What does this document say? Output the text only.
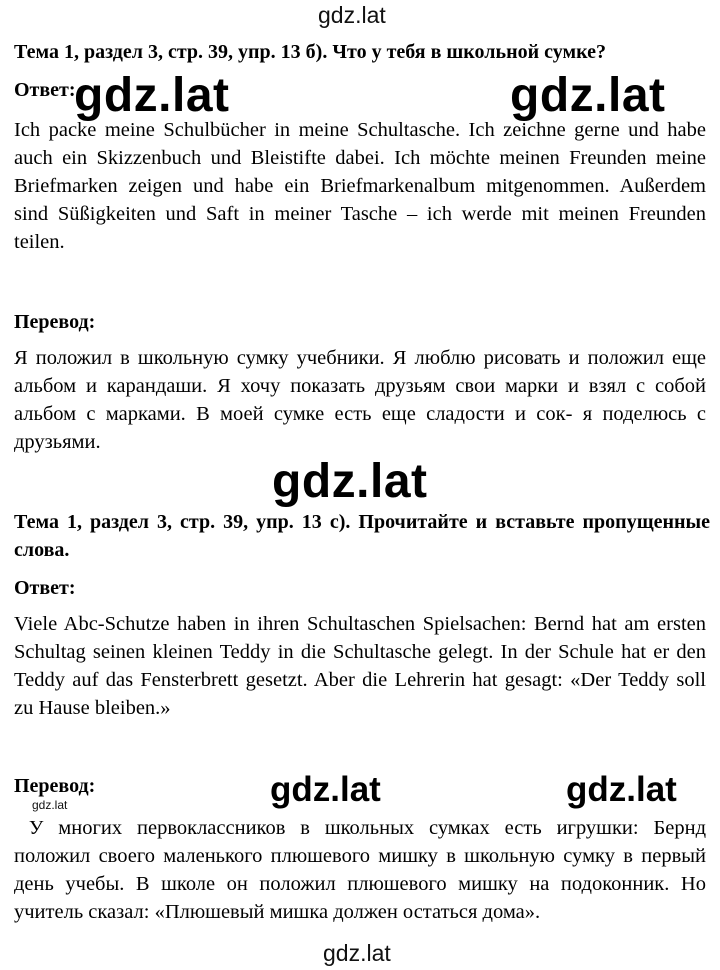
gdz.lat
Тема 1, раздел 3, стр. 39, упр. 13 б). Что у тебя в школьной сумке?
Ответ:
Ich packe meine Schulbücher in meine Schultasche. Ich zeichne gerne und habe
auch ein Skizzenbuch und Bleistifte dabei. Ich möchte meinen Freunden meine
Briefmarken zeigen und habe ein Briefmarkenalbum mitgenommen. Außerdem
sind Süßigkeiten und Saft in meiner Tasche – ich werde mit meinen Freunden
teilen.
gdz.lat	gdz.lat
Перевод:
Я положил в школьную сумку учебники. Я люблю рисовать и положил еще
альбом и карандаши. Я хочу показать друзьям свои марки и взял с собой
альбом с марками. В моей сумке есть еще сладости и сок- я поделюсь с
друзьями.
gdz.lat
Тема 1, раздел 3, стр. 39, упр. 13 c). Прочитайте и вставьте пропущенные
слова.
Ответ:
Viele Abc-Schutze haben in ihren Schultaschen Spielsachen: Bernd hat am ersten
Schultag seinen kleinen Teddy in die Schultasche gelegt. In der Schule hat er den
Teddy auf das Fensterbrett gesetzt. Aber die Lehrerin hat gesagt: «Der Teddy soll
zu Hause bleiben.»
Перевод:
gdz.lat	gdz.lat	gdz.lat
У многих первоклассников в школьных сумках есть игрушки: Бернд
положил своего маленького плюшевого мишку в школьную сумку в первый
день учебы. В школе он положил плюшевого мишку на подоконник. Но
учитель сказал: «Плюшевый мишка должен остаться дома».
gdz.lat
